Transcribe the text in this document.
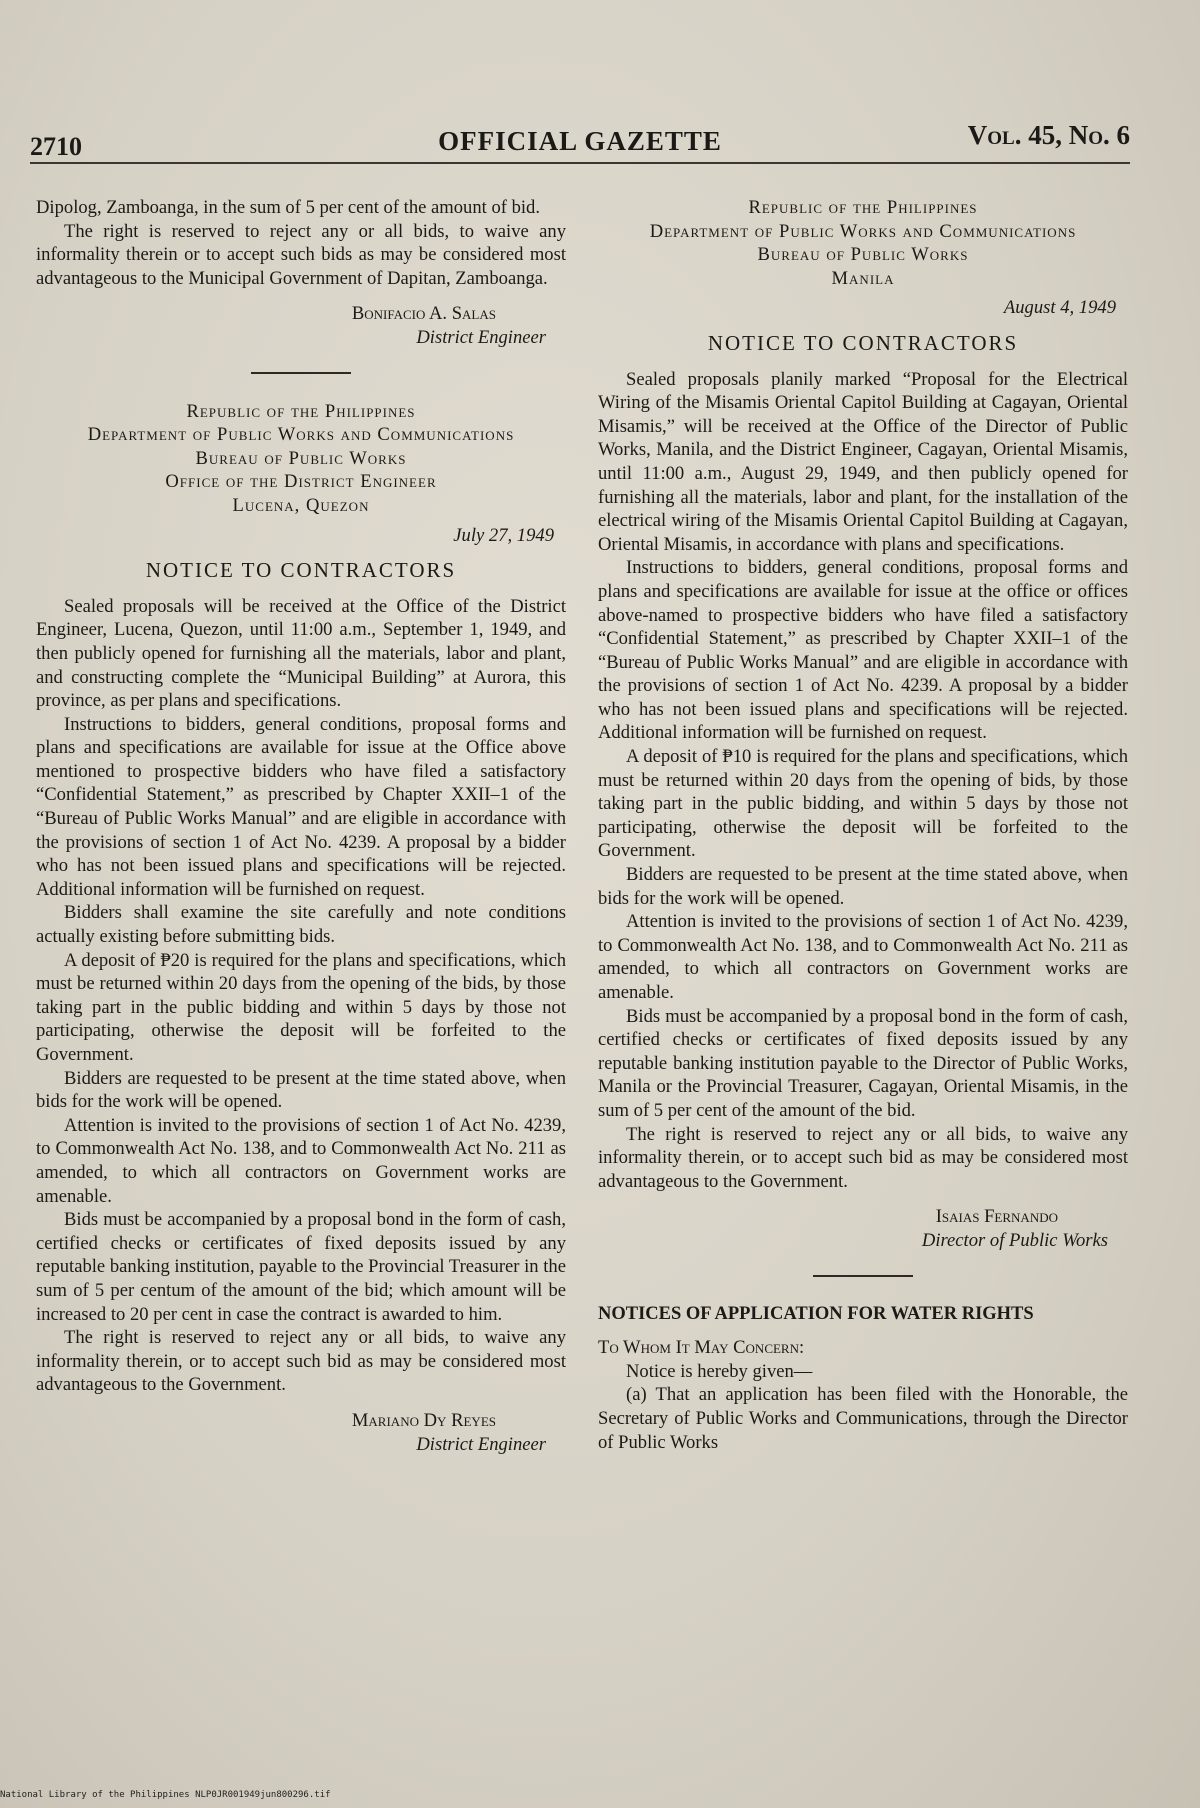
2710	OFFICIAL GAZETTE	Vol. 45, No. 6

Dipolog, Zamboanga, in the sum of 5 per cent of the amount of bid.

The right is reserved to reject any or all bids, to waive any informality therein or to accept such bids as may be considered most advantageous to the Municipal Government of Dapitan, Zamboanga.

Bonifacio A. Salas
District Engineer
Republic of the Philippines
Department of Public Works and Communications
Bureau of Public Works
Office of the District Engineer
Lucena, Quezon
July 27, 1949
NOTICE TO CONTRACTORS

Sealed proposals will be received at the Office of the District Engineer, Lucena, Quezon, until 11:00 a.m., September 1, 1949, and then publicly opened for furnishing all the materials, labor and plant, and constructing complete the “Municipal Building” at Aurora, this province, as per plans and specifications.

Instructions to bidders, general conditions, proposal forms and plans and specifications are available for issue at the Office above mentioned to prospective bidders who have filed a satisfactory “Confidential Statement,” as prescribed by Chapter XXII–1 of the “Bureau of Public Works Manual” and are eligible in accordance with the provisions of section 1 of Act No. 4239. A proposal by a bidder who has not been issued plans and specifications will be rejected. Additional information will be furnished on request.

Bidders shall examine the site carefully and note conditions actually existing before submitting bids.

A deposit of ₱20 is required for the plans and specifications, which must be returned within 20 days from the opening of the bids, by those taking part in the public bidding and within 5 days by those not participating, otherwise the deposit will be forfeited to the Government.

Bidders are requested to be present at the time stated above, when bids for the work will be opened.

Attention is invited to the provisions of section 1 of Act No. 4239, to Commonwealth Act No. 138, and to Commonwealth Act No. 211 as amended, to which all contractors on Government works are amenable.

Bids must be accompanied by a proposal bond in the form of cash, certified checks or certificates of fixed deposits issued by any reputable banking institution, payable to the Provincial Treasurer in the sum of 5 per centum of the amount of the bid; which amount will be increased to 20 per cent in case the contract is awarded to him.

The right is reserved to reject any or all bids, to waive any informality therein, or to accept such bid as may be considered most advantageous to the Government.

Mariano Dy Reyes
District Engineer
Republic of the Philippines
Department of Public Works and Communications
Bureau of Public Works
Manila
August 4, 1949
NOTICE TO CONTRACTORS

Sealed proposals planily marked “Proposal for the Electrical Wiring of the Misamis Oriental Capitol Building at Cagayan, Oriental Misamis,” will be received at the Office of the Director of Public Works, Manila, and the District Engineer, Cagayan, Oriental Misamis, until 11:00 a.m., August 29, 1949, and then publicly opened for furnishing all the materials, labor and plant, for the installation of the electrical wiring of the Misamis Oriental Capitol Building at Cagayan, Oriental Misamis, in accordance with plans and specifications.

Instructions to bidders, general conditions, proposal forms and plans and specifications are available for issue at the office or offices above-named to prospective bidders who have filed a satisfactory “Confidential Statement,” as prescribed by Chapter XXII–1 of the “Bureau of Public Works Manual” and are eligible in accordance with the provisions of section 1 of Act No. 4239. A proposal by a bidder who has not been issued plans and specifications will be rejected. Additional information will be furnished on request.

A deposit of ₱10 is required for the plans and specifications, which must be returned within 20 days from the opening of bids, by those taking part in the public bidding, and within 5 days by those not participating, otherwise the deposit will be forfeited to the Government.

Bidders are requested to be present at the time stated above, when bids for the work will be opened.

Attention is invited to the provisions of section 1 of Act No. 4239, to Commonwealth Act No. 138, and to Commonwealth Act No. 211 as amended, to which all contractors on Government works are amenable.

Bids must be accompanied by a proposal bond in the form of cash, certified checks or certificates of fixed deposits issued by any reputable banking institution payable to the Director of Public Works, Manila or the Provincial Treasurer, Cagayan, Oriental Misamis, in the sum of 5 per cent of the amount of the bid.

The right is reserved to reject any or all bids, to waive any informality therein, or to accept such bid as may be considered most advantageous to the Government.

Isaias Fernando
Director of Public Works
NOTICES OF APPLICATION FOR WATER RIGHTS
To Whom It May Concern:

Notice is hereby given—

(a) That an application has been filed with the Honorable, the Secretary of Public Works and Communications, through the Director of Public Works

National Library of the Philippines NLP0JR001949jun800296.tif
